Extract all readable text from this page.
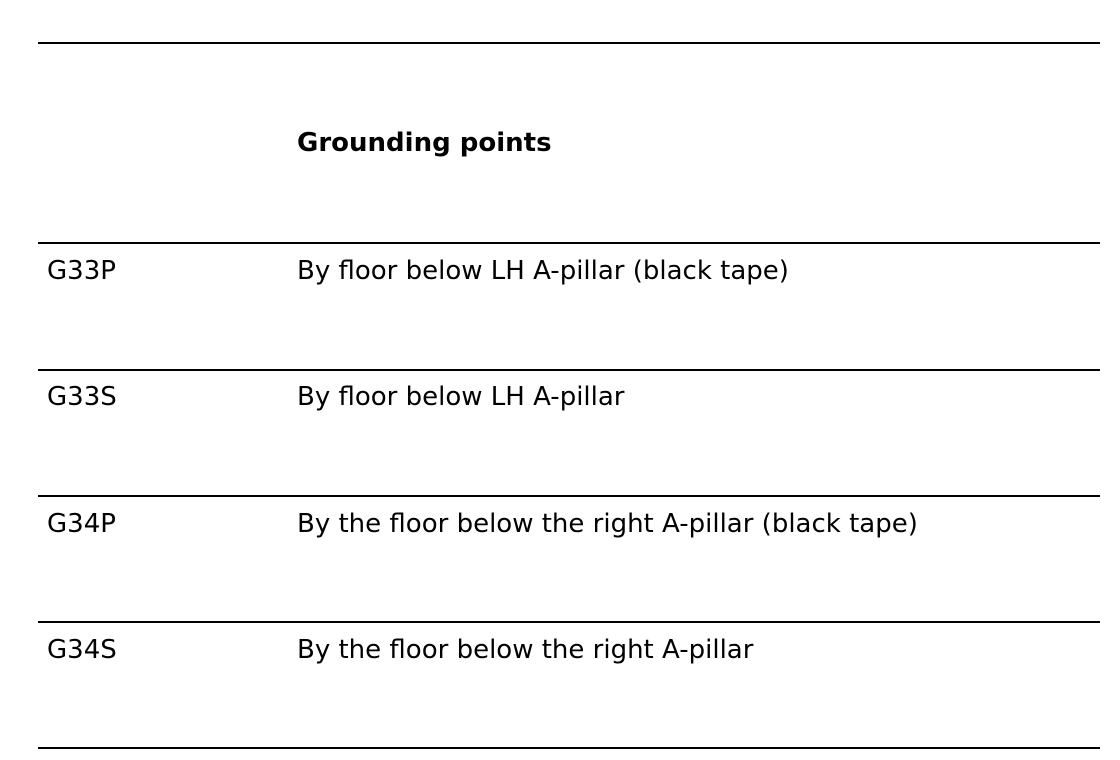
Grounding points
G33P	By floor below LH A-pillar (black tape)
G33S	By floor below LH A-pillar
G34P	By the floor below the right A-pillar (black tape)
G34S	By the floor below the right A-pillar
